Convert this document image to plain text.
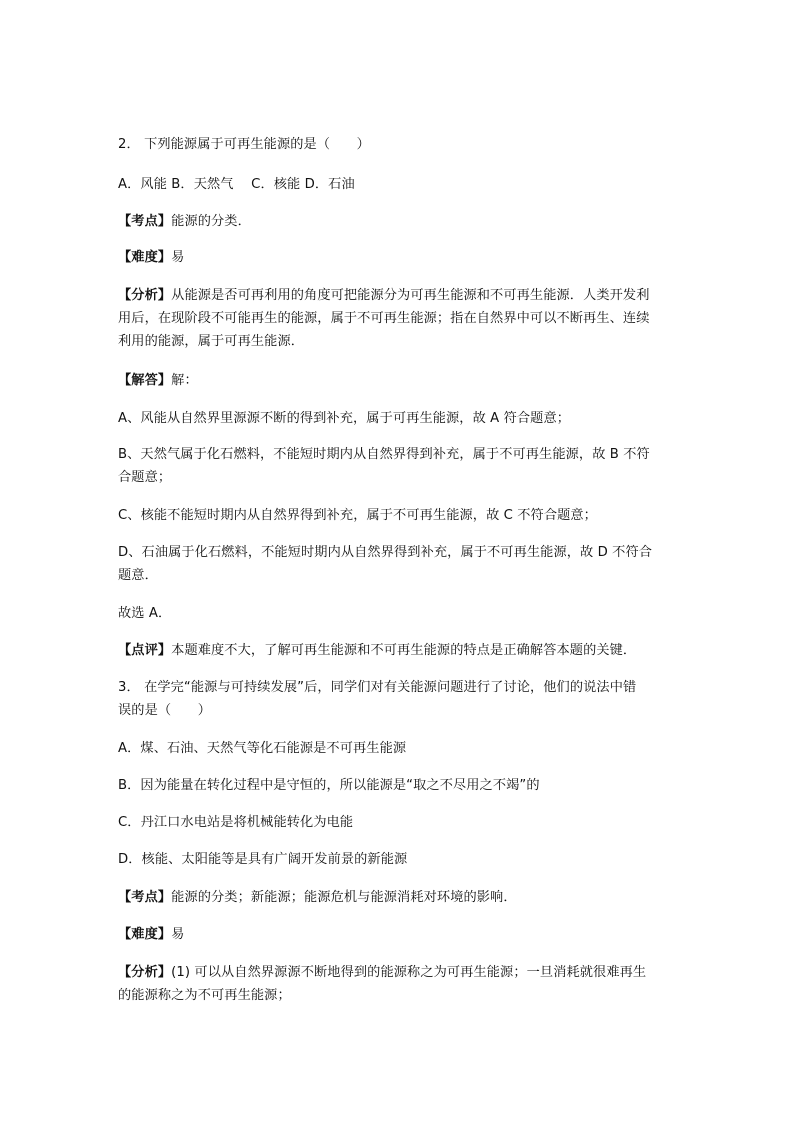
2． 下列能源属于可再生能源的是（　　）
A．风能 B．天然气　 C．核能 D．石油
【考点】能源的分类．
【难度】易
【分析】从能源是否可再利用的角度可把能源分为可再生能源和不可再生能源．人类开发利
用后，在现阶段不可能再生的能源，属于不可再生能源；指在自然界中可以不断再生、连续
利用的能源，属于可再生能源．
【解答】解：
A、风能从自然界里源源不断的得到补充，属于可再生能源，故 A 符合题意；
B、天然气属于化石燃料，不能短时期内从自然界得到补充，属于不可再生能源，故 B 不符
合题意；
C、核能不能短时期内从自然界得到补充，属于不可再生能源，故 C 不符合题意；
D、石油属于化石燃料，不能短时期内从自然界得到补充，属于不可再生能源，故 D 不符合
题意．
故选 A．
【点评】本题难度不大，了解可再生能源和不可再生能源的特点是正确解答本题的关键．
3． 在学完“能源与可持续发展”后，同学们对有关能源问题进行了讨论，他们的说法中错
误的是（　　）
A．煤、石油、天然气等化石能源是不可再生能源
B．因为能量在转化过程中是守恒的，所以能源是“取之不尽用之不竭”的
C．丹江口水电站是将机械能转化为电能
D．核能、太阳能等是具有广阔开发前景的新能源
【考点】能源的分类；新能源；能源危机与能源消耗对环境的影响．
【难度】易
【分析】(1) 可以从自然界源源不断地得到的能源称之为可再生能源；一旦消耗就很难再生
的能源称之为不可再生能源；
